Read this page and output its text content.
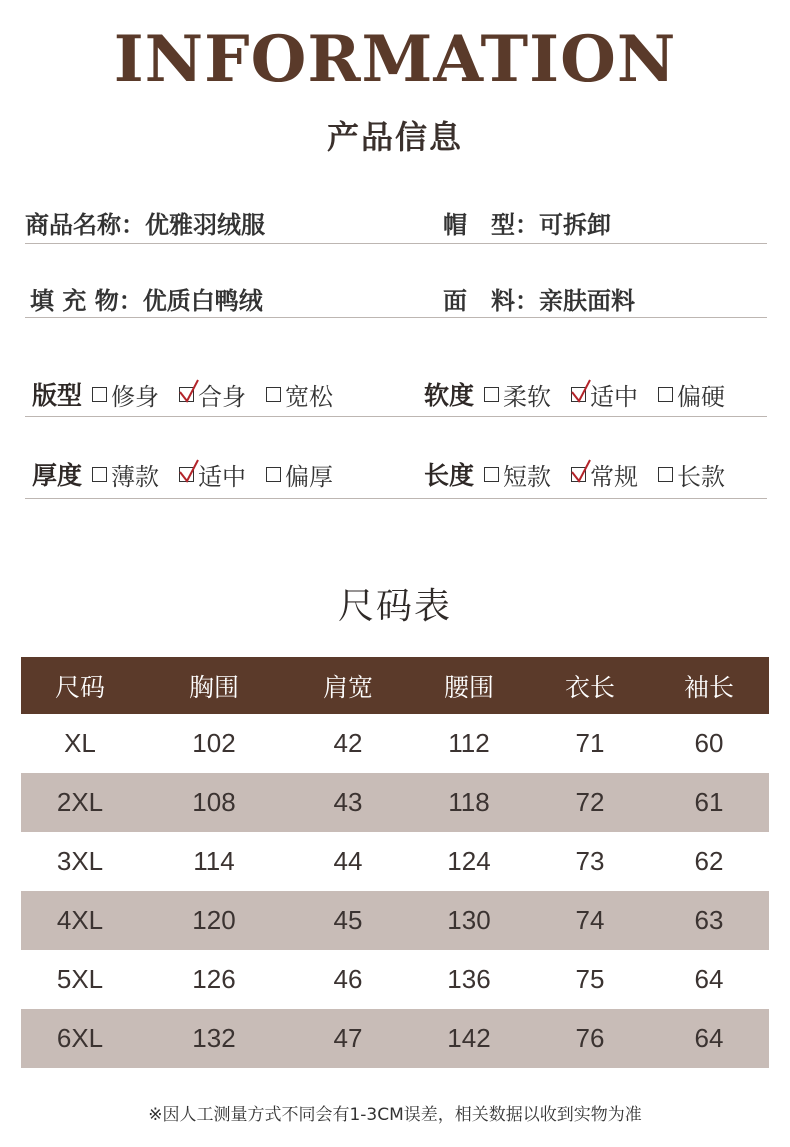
INFORMATION
产品信息
商品名称：优雅羽绒服	帽　型：可拆卸
填 充 物：优质白鸭绒	面　料：亲肤面料
版型 修身 合身 宽松	软度 柔软 适中 偏硬
厚度 薄款 适中 偏厚	长度 短款 常规 长款
尺码表
尺码	胸围	肩宽	腰围	衣长	袖长
XL	102	42	112	71	60
2XL	108	43	118	72	61
3XL	114	44	124	73	62
4XL	120	45	130	74	63
5XL	126	46	136	75	64
6XL	132	47	142	76	64
※因人工测量方式不同会有1-3CM误差，相关数据以收到实物为准
